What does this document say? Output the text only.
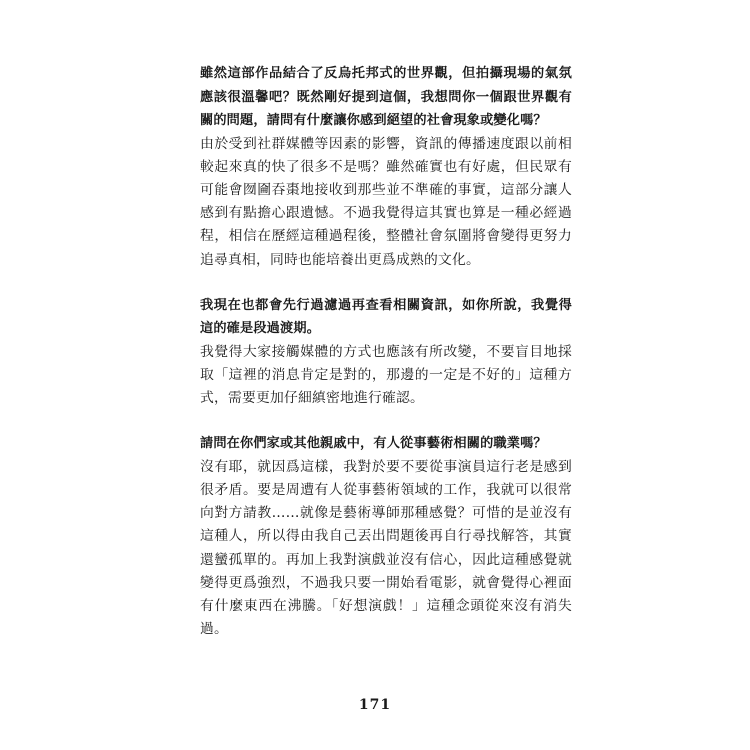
雖然這部作品結合了反烏托邦式的世界觀，但拍攝現場的氣氛應該很溫馨吧？既然剛好提到這個，我想問你一個跟世界觀有關的問題，請問有什麼讓你感到絕望的社會現象或變化嗎？

由於受到社群媒體等因素的影響，資訊的傳播速度跟以前相較起來真的快了很多不是嗎？雖然確實也有好處，但民眾有可能會囫圇吞棗地接收到那些並不準確的事實，這部分讓人感到有點擔心跟遺憾。不過我覺得這其實也算是一種必經過程，相信在歷經這種過程後，整體社會氛圍將會變得更努力追尋真相，同時也能培養出更爲成熟的文化。

我現在也都會先行過濾過再查看相關資訊，如你所說，我覺得這的確是段過渡期。

我覺得大家接觸媒體的方式也應該有所改變，不要盲目地採取「這裡的消息肯定是對的，那邊的一定是不好的」這種方式，需要更加仔細縝密地進行確認。

請問在你們家或其他親戚中，有人從事藝術相關的職業嗎？

沒有耶，就因爲這樣，我對於要不要從事演員這行老是感到很矛盾。要是周遭有人從事藝術領域的工作，我就可以很常向對方請教……就像是藝術導師那種感覺？可惜的是並沒有這種人，所以得由我自己丟出問題後再自行尋找解答，其實還蠻孤單的。再加上我對演戲並沒有信心，因此這種感覺就變得更爲強烈，不過我只要一開始看電影，就會覺得心裡面有什麼東西在沸騰。「好想演戲！」這種念頭從來沒有消失過。

171
